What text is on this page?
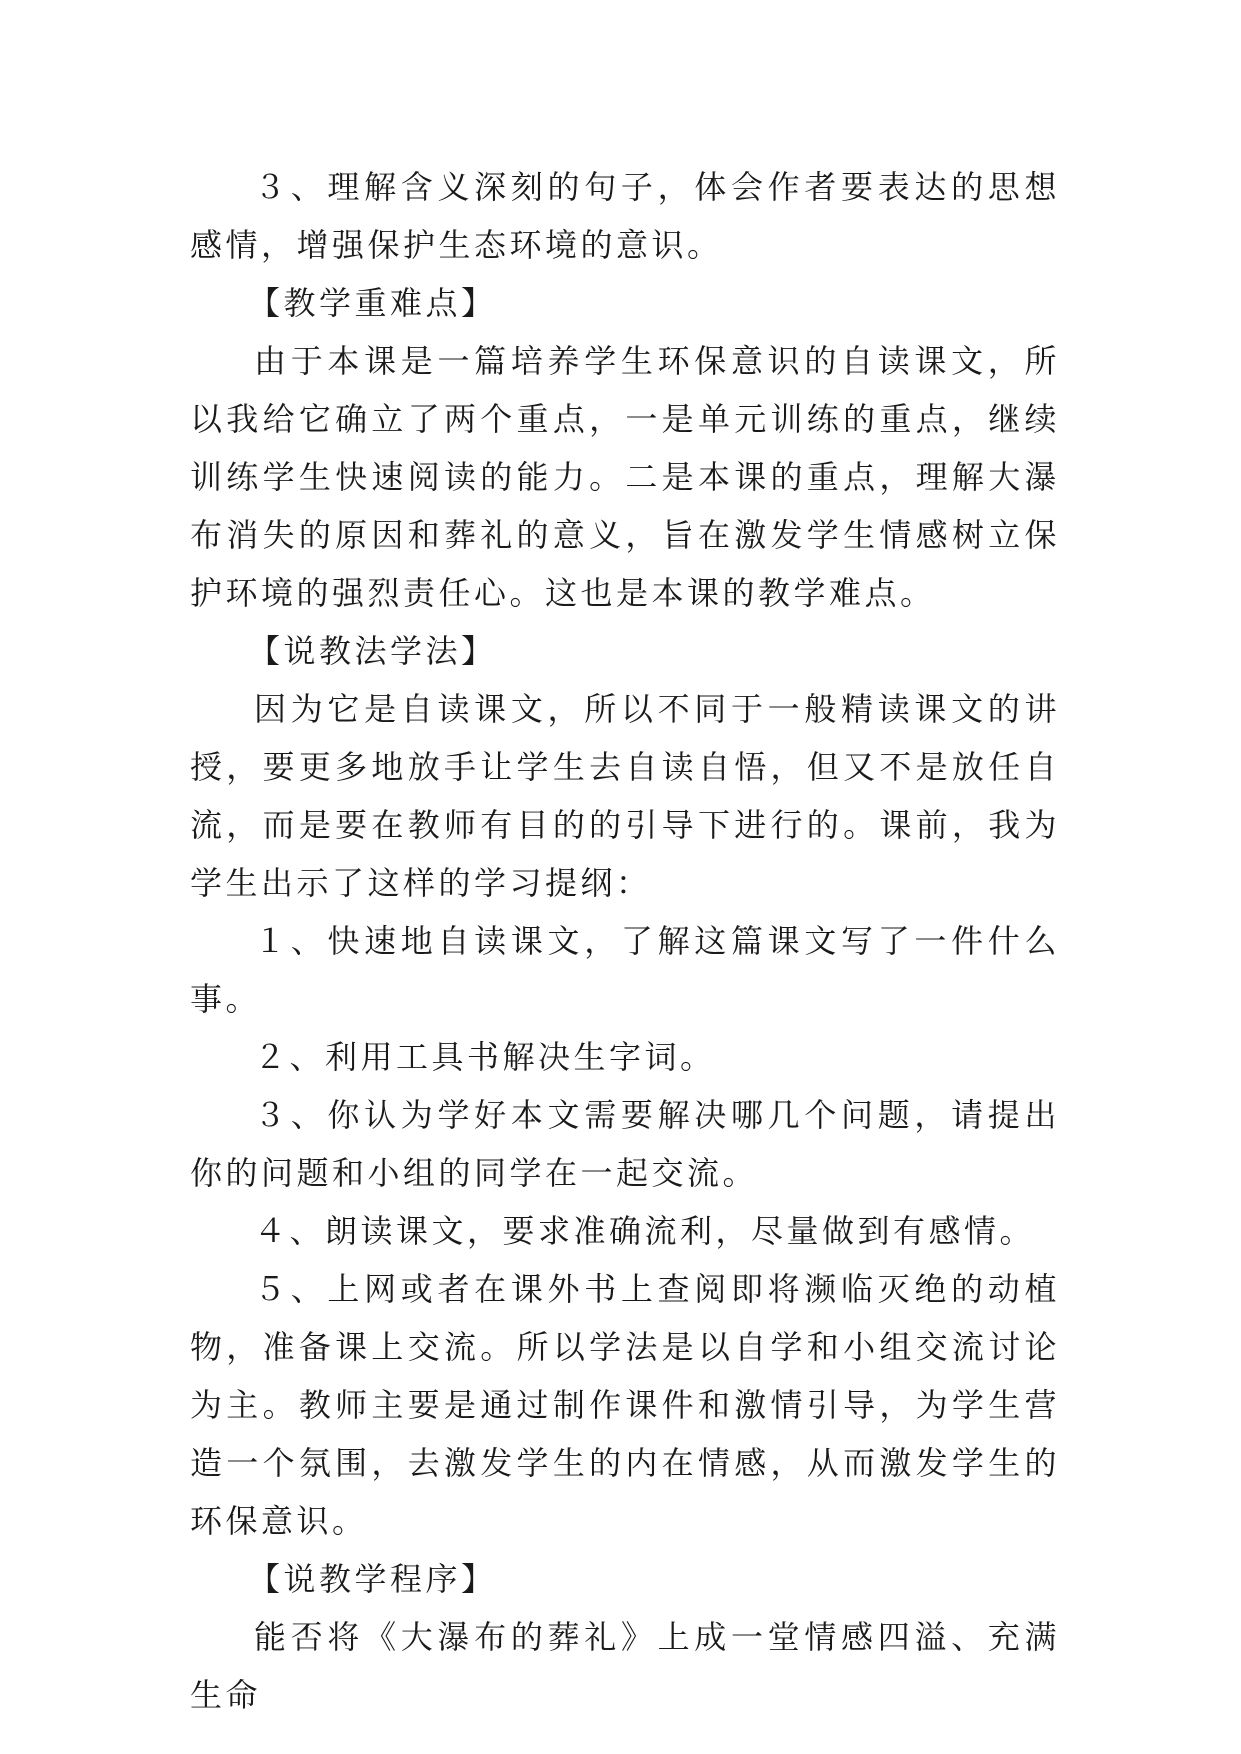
３、理解含义深刻的句子，体会作者要表达的思想感情，增强保护生态环境的意识。

【教学重难点】

由于本课是一篇培养学生环保意识的自读课文，所以我给它确立了两个重点，一是单元训练的重点，继续训练学生快速阅读的能力。二是本课的重点，理解大瀑布消失的原因和葬礼的意义，旨在激发学生情感树立保护环境的强烈责任心。这也是本课的教学难点。

【说教法学法】

因为它是自读课文，所以不同于一般精读课文的讲授，要更多地放手让学生去自读自悟，但又不是放任自流，而是要在教师有目的的引导下进行的。课前，我为学生出示了这样的学习提纲：

１、快速地自读课文，了解这篇课文写了一件什么事。

２、利用工具书解决生字词。

３、你认为学好本文需要解决哪几个问题，请提出你的问题和小组的同学在一起交流。

４、朗读课文，要求准确流利，尽量做到有感情。

５、上网或者在课外书上查阅即将濒临灭绝的动植物，准备课上交流。所以学法是以自学和小组交流讨论为主。教师主要是通过制作课件和激情引导，为学生营造一个氛围，去激发学生的内在情感，从而激发学生的环保意识。

【说教学程序】

能否将《大瀑布的葬礼》上成一堂情感四溢、充满生命
